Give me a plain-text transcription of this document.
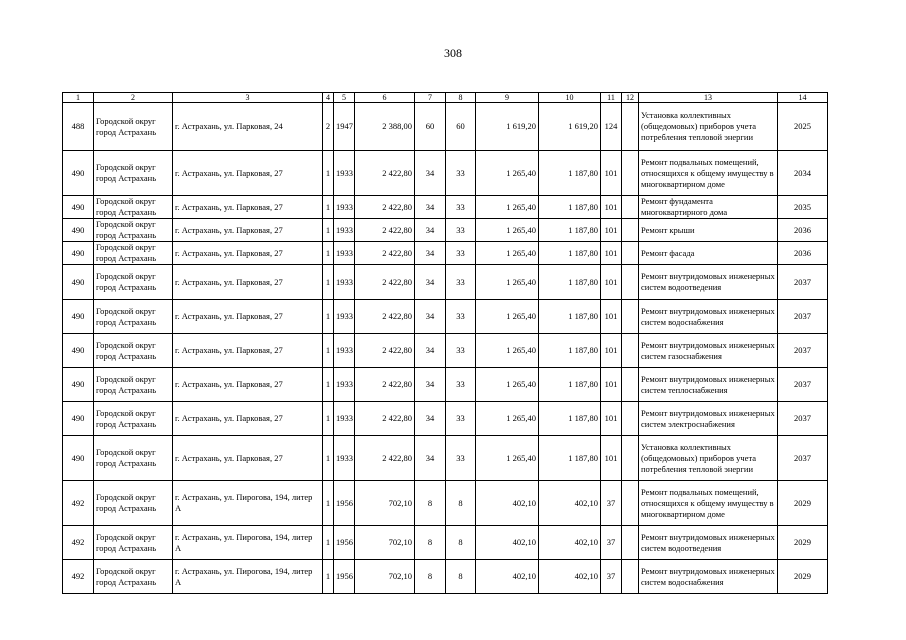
308
1	2	3	4	5	6	7	8	9	10	11	12	13	14
488	Городской округ город Астрахань	г. Астрахань, ул. Парковая, 24	2	1947	2 388,00	60	60	1 619,20	1 619,20	124		Установка коллективных (общедомовых) приборов учета потребления тепловой энергии	2025
490	Городской округ город Астрахань	г. Астрахань, ул. Парковая, 27	1	1933	2 422,80	34	33	1 265,40	1 187,80	101		Ремонт подвальных помещений, относящихся к общему имуществу в многоквартирном доме	2034
490	Городской округ город Астрахань	г. Астрахань, ул. Парковая, 27	1	1933	2 422,80	34	33	1 265,40	1 187,80	101		Ремонт фундамента многоквартирного дома	2035
490	Городской округ город Астрахань	г. Астрахань, ул. Парковая, 27	1	1933	2 422,80	34	33	1 265,40	1 187,80	101		Ремонт крыши	2036
490	Городской округ город Астрахань	г. Астрахань, ул. Парковая, 27	1	1933	2 422,80	34	33	1 265,40	1 187,80	101		Ремонт фасада	2036
490	Городской округ город Астрахань	г. Астрахань, ул. Парковая, 27	1	1933	2 422,80	34	33	1 265,40	1 187,80	101		Ремонт внутридомовых инженерных систем водоотведения	2037
490	Городской округ город Астрахань	г. Астрахань, ул. Парковая, 27	1	1933	2 422,80	34	33	1 265,40	1 187,80	101		Ремонт внутридомовых инженерных систем водоснабжения	2037
490	Городской округ город Астрахань	г. Астрахань, ул. Парковая, 27	1	1933	2 422,80	34	33	1 265,40	1 187,80	101		Ремонт внутридомовых инженерных систем газоснабжения	2037
490	Городской округ город Астрахань	г. Астрахань, ул. Парковая, 27	1	1933	2 422,80	34	33	1 265,40	1 187,80	101		Ремонт внутридомовых инженерных систем теплоснабжения	2037
490	Городской округ город Астрахань	г. Астрахань, ул. Парковая, 27	1	1933	2 422,80	34	33	1 265,40	1 187,80	101		Ремонт внутридомовых инженерных систем электроснабжения	2037
490	Городской округ город Астрахань	г. Астрахань, ул. Парковая, 27	1	1933	2 422,80	34	33	1 265,40	1 187,80	101		Установка коллективных (общедомовых) приборов учета потребления тепловой энергии	2037
492	Городской округ город Астрахань	г. Астрахань, ул. Пирогова, 194, литер А	1	1956	702,10	8	8	402,10	402,10	37		Ремонт подвальных помещений, относящихся к общему имуществу в многоквартирном доме	2029
492	Городской округ город Астрахань	г. Астрахань, ул. Пирогова, 194, литер А	1	1956	702,10	8	8	402,10	402,10	37		Ремонт внутридомовых инженерных систем водоотведения	2029
492	Городской округ город Астрахань	г. Астрахань, ул. Пирогова, 194, литер А	1	1956	702,10	8	8	402,10	402,10	37		Ремонт внутридомовых инженерных систем водоснабжения	2029
